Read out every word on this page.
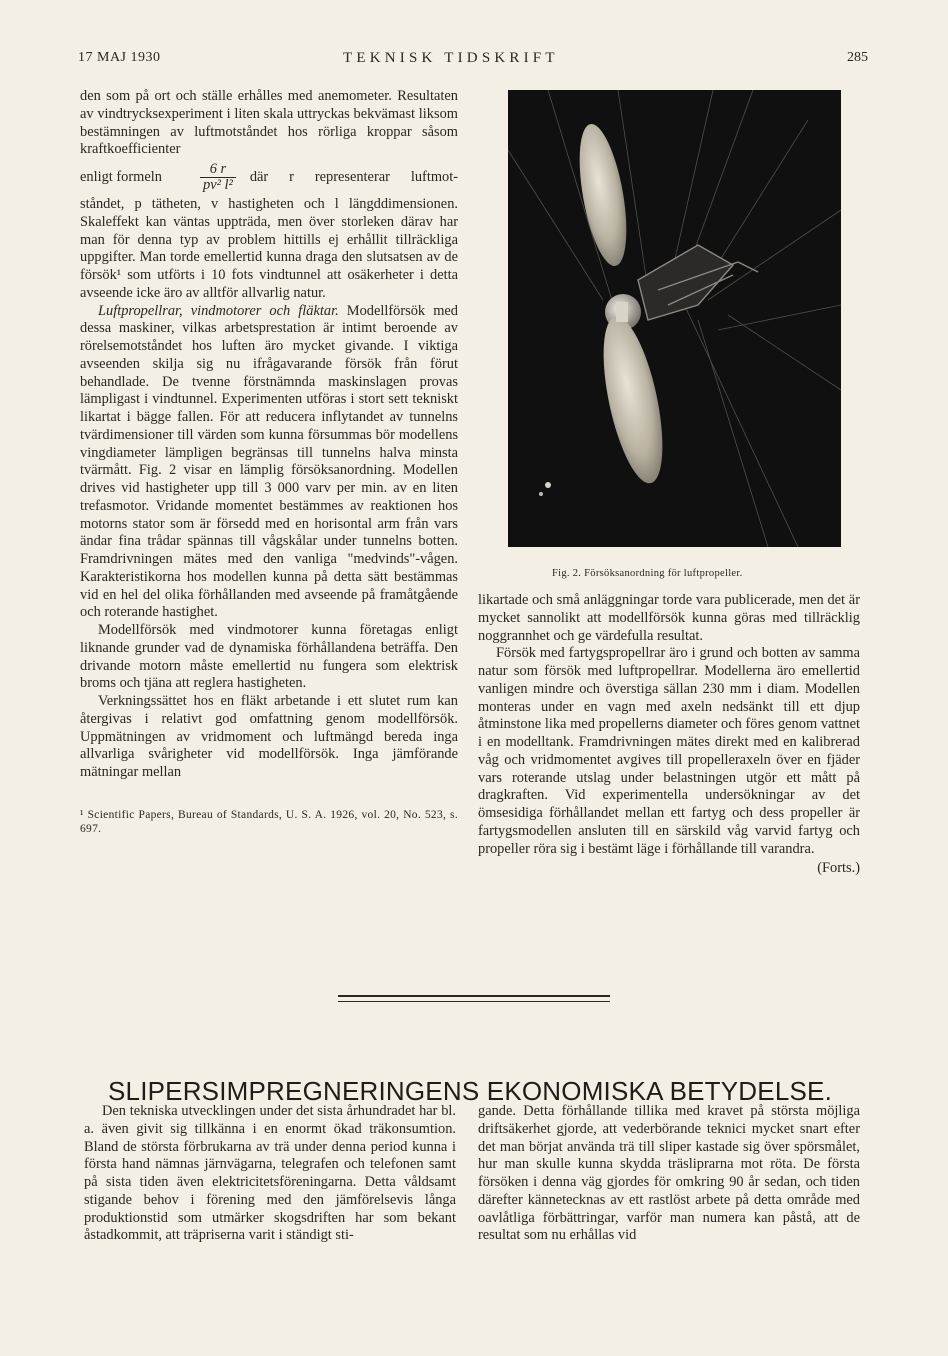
17 MAJ 1930	TEKNISK TIDSKRIFT	285

den som på ort och ställe erhålles med anemometer. Resultaten av vindtrycksexperiment i liten skala uttryckas bekvämast liksom bestämningen av luftmotståndet hos rörliga kroppar såsom kraftkoefficienter

enligt formeln	$\frac{6 r}{\text{pv² l²}}$ där r representerar luftmot-

ståndet, p tätheten, v hastigheten och l längddimensionen. Skaleffekt kan väntas uppträda, men över storleken därav har man för denna typ av problem hittills ej erhållit tillräckliga uppgifter. Man torde emellertid kunna draga den slutsatsen av de försök¹ som utförts i 10 fots vindtunnel att osäkerheter i detta avseende icke äro av alltför allvarlig natur.

Luftpropellrar, vindmotorer och fläktar. Modellförsök med dessa maskiner, vilkas arbetsprestation är intimt beroende av rörelsemotståndet hos luften äro mycket givande. I viktiga avseenden skilja sig nu ifrågavarande försök från förut behandlade. De tvenne förstnämnda maskinslagen provas lämpligast i vindtunnel. Experimenten utföras i stort sett tekniskt likartat i bägge fallen. För att reducera inflytandet av tunnelns tvärdimensioner till värden som kunna försummas bör modellens vingdiameter lämpligen begränsas till tunnelns halva minsta tvärmått. Fig. 2 visar en lämplig försöksanordning. Modellen drives vid hastigheter upp till 3 000 varv per min. av en liten trefasmotor. Vridande momentet bestämmes av reaktionen hos motorns stator som är försedd med en horisontal arm från vars ändar fina trådar spännas till vågskålar under tunnelns botten. Framdrivningen mätes med den vanliga "medvinds"-vågen. Karakteristikorna hos modellen kunna på detta sätt bestämmas vid en hel del olika förhållanden med avseende på framåtgående och roterande hastighet.

Modellförsök med vindmotorer kunna företagas enligt liknande grunder vad de dynamiska förhållandena beträffa. Den drivande motorn måste emellertid nu fungera som elektrisk broms och tjäna att reglera hastigheten.

Verkningssättet hos en fläkt arbetande i ett slutet rum kan återgivas i relativt god omfattning genom modellförsök. Uppmätningen av vridmoment och luftmängd bereda inga allvarliga svårigheter vid modellförsök. Inga jämförande mätningar mellan

¹ Scientific Papers, Bureau of Standards, U. S. A. 1926, vol. 20, No. 523, s. 697.

Fig. 2. Försöksanordning för luftpropeller.

likartade och små anläggningar torde vara publicerade, men det är mycket sannolikt att modellförsök kunna göras med tillräcklig noggrannhet och ge värdefulla resultat.

Försök med fartygspropellrar äro i grund och botten av samma natur som försök med luftpropellrar. Modellerna äro emellertid vanligen mindre och överstiga sällan 230 mm i diam. Modellen monteras under en vagn med axeln nedsänkt till ett djup åtminstone lika med propellerns diameter och föres genom vattnet i en modelltank. Framdrivningen mätes direkt med en kalibrerad våg och vridmomentet avgives till propelleraxeln över en fjäder vars roterande utslag under belastningen utgör ett mått på dragkraften. Vid experimentella undersökningar av det ömsesidiga förhållandet mellan ett fartyg och dess propeller är fartygsmodellen ansluten till en särskild våg varvid fartyg och propeller röra sig i bestämt läge i förhållande till varandra.

(Forts.)

SLIPERSIMPREGNERINGENS EKONOMISKA BETYDELSE.

Den tekniska utvecklingen under det sista århundradet har bl. a. även givit sig tillkänna i en enormt ökad träkonsumtion. Bland de största förbrukarna av trä under denna period kunna i första hand nämnas järnvägarna, telegrafen och telefonen samt på sista tiden även elektricitetsföreningarna. Detta våldsamt stigande behov i förening med den jämförelsevis långa produktionstid som utmärker skogsdriften har som bekant åstadkommit, att träpriserna varit i ständigt sti-

gande. Detta förhållande tillika med kravet på största möjliga driftsäkerhet gjorde, att vederbörande teknici mycket snart efter det man börjat använda trä till sliper kastade sig över spörsmålet, hur man skulle kunna skydda träsliprarna mot röta. De första försöken i denna väg gjordes för omkring 90 år sedan, och tiden därefter kännetecknas av ett rastlöst arbete på detta område med oavlåtliga förbättringar, varför man numera kan påstå, att de resultat som nu erhållas vid
